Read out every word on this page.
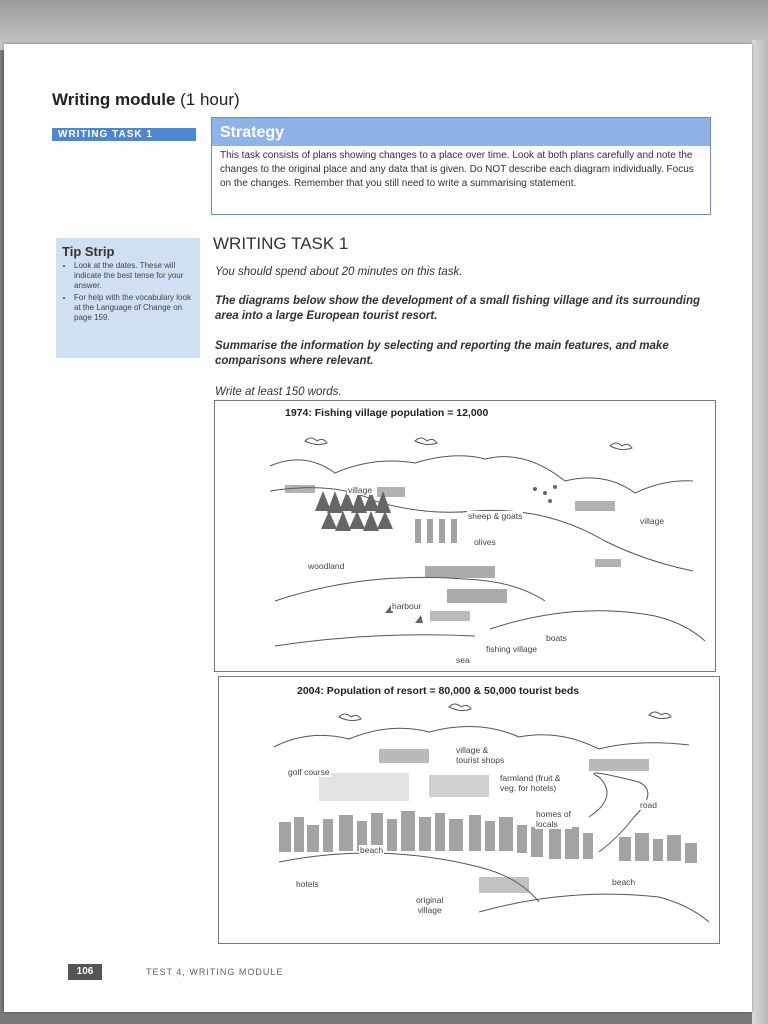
Writing module (1 hour)
WRITING TASK 1	Strategy
This task consists of plans showing changes to a place over time. Look at both plans carefully and note the changes to the original place and any data that is given. Do NOT describe each diagram individually. Focus on the changes. Remember that you still need to write a summarising statement.
Tip Strip
• Look at the dates. These will indicate the best tense for your answer.
• For help with the vocabulary look at the Language of Change on page 159.
WRITING TASK 1
You should spend about 20 minutes on this task.
The diagrams below show the development of a small fishing village and its surrounding area into a large European tourist resort.
Summarise the information by selecting and reporting the main features, and make comparisons where relevant.
Write at least 150 words.
1974: Fishing village population = 12,000
village
sheep & goats	village
olives
woodland
harbour
boats
fishing village
sea
2004: Population of resort = 80,000 & 50,000 tourist beds
village &
tourist shops
golf course
farmland (fruit &
veg. for hotels)
road
homes of
locals
beach
beach
hotels
original
village
106	TEST 4, WRITING MODULE
